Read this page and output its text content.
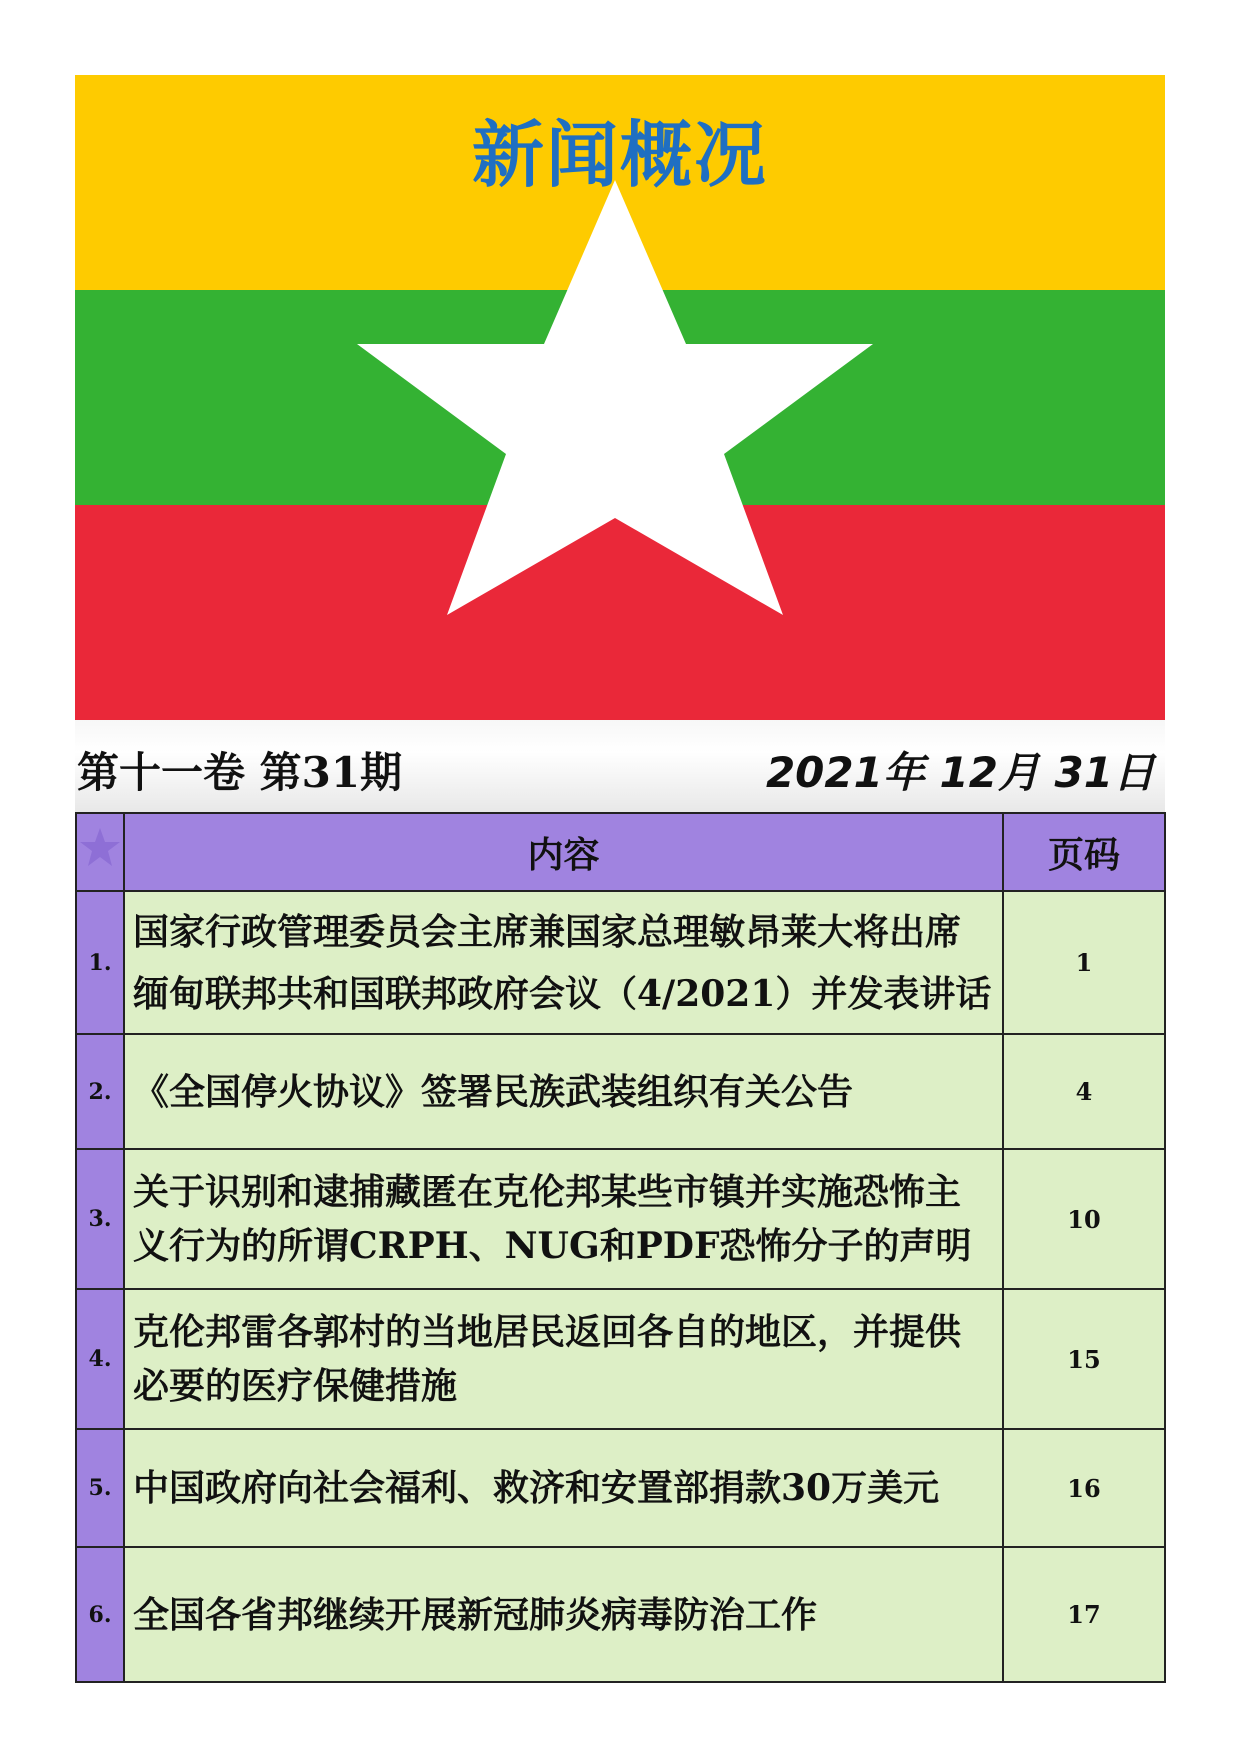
新闻概况
第十一卷 第31期	2021年 12月 31日
	内容	页码
1.	国家行政管理委员会主席兼国家总理敏昂莱大将出席缅甸联邦共和国联邦政府会议（4/2021）并发表讲话	1
2.	《全国停火协议》签署民族武装组织有关公告	4
3.	关于识别和逮捕藏匿在克伦邦某些市镇并实施恐怖主义行为的所谓CRPH、NUG和PDF恐怖分子的声明	10
4.	克伦邦雷各郭村的当地居民返回各自的地区，并提供必要的医疗保健措施	15
5.	中国政府向社会福利、救济和安置部捐款30万美元	16
6.	全国各省邦继续开展新冠肺炎病毒防治工作	17
